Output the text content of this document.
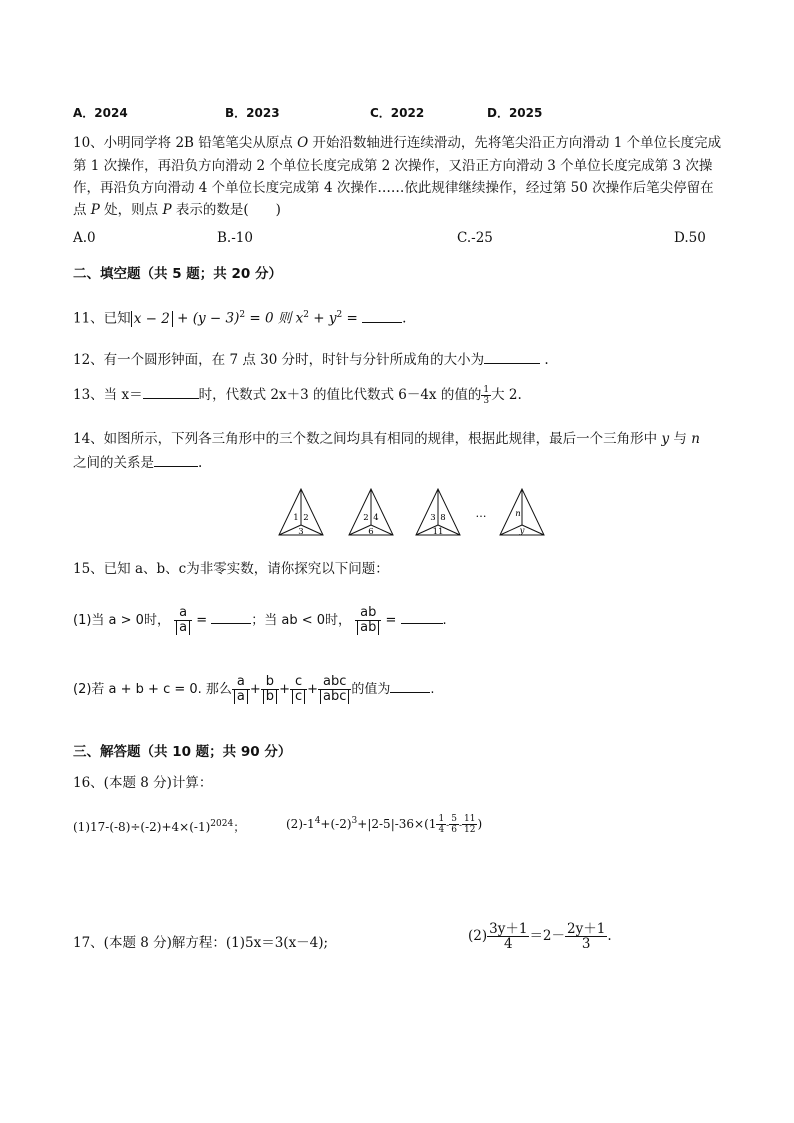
A．2024	B．2023	C．2022	D．2025
10、小明同学将 2B 铅笔笔尖从原点 O 开始沿数轴进行连续滑动，先将笔尖沿正方向滑动 1 个单位长度完成
第 1 次操作，再沿负方向滑动 2 个单位长度完成第 2 次操作，又沿正方向滑动 3 个单位长度完成第 3 次操
作，再沿负方向滑动 4 个单位长度完成第 4 次操作……依此规律继续操作，经过第 50 次操作后笔尖停留在
点 P 处，则点 P 表示的数是(　　)
A.0	B.-10	C.-25	D.50
二、填空题（共 5 题；共 20 分）
11、已知 $x - 2 + (y - 3)^2 = 0$ 则 $x^2 + y^2$ =	.
12、有一个圆形钟面，在 7 点 30 分时，时针与分针所成角的大小为	.
13、当 x＝	时，代数式 2x＋3 的值比代数式 6－4x 的值的 $\frac{1}{3}$ 大 2.
14、如图所示，下列各三角形中的三个数之间均具有相同的规律，根据此规律，最后一个三角形中 y 与 n
之间的关系是	.
1 2
3
2 4
6
3 8
11
…	n
y
15、已知 a、b、c为非零实数，请你探究以下问题：
(1)当 a > 0时， $\frac{a}{a}$ =	；当 ab < 0时， $\frac{ab}{ab}$ =	.
(2)若 a + b + c = 0. 那么 $\frac{a}{a} + \frac{b}{b} + \frac{c}{c} + \frac{\text{abc}}{\text{abc}}$ 的值为	.
三、解答题（共 10 题；共 90 分）
16、(本题 8 分)计算：
$(1)17-(-8)\div(-2)+4\times(-1)^{2024}$；	$(2)-1^4+(-2)^3+|2-5|-36\times(1 \frac{1}{4} - \frac{5}{6} - \frac{11}{12}$ )
17、(本题 8 分)解方程：(1)5x＝3(x－4);	$(2) \frac{3y+1}{4} =2- \frac{2y+1}{3}$ .
